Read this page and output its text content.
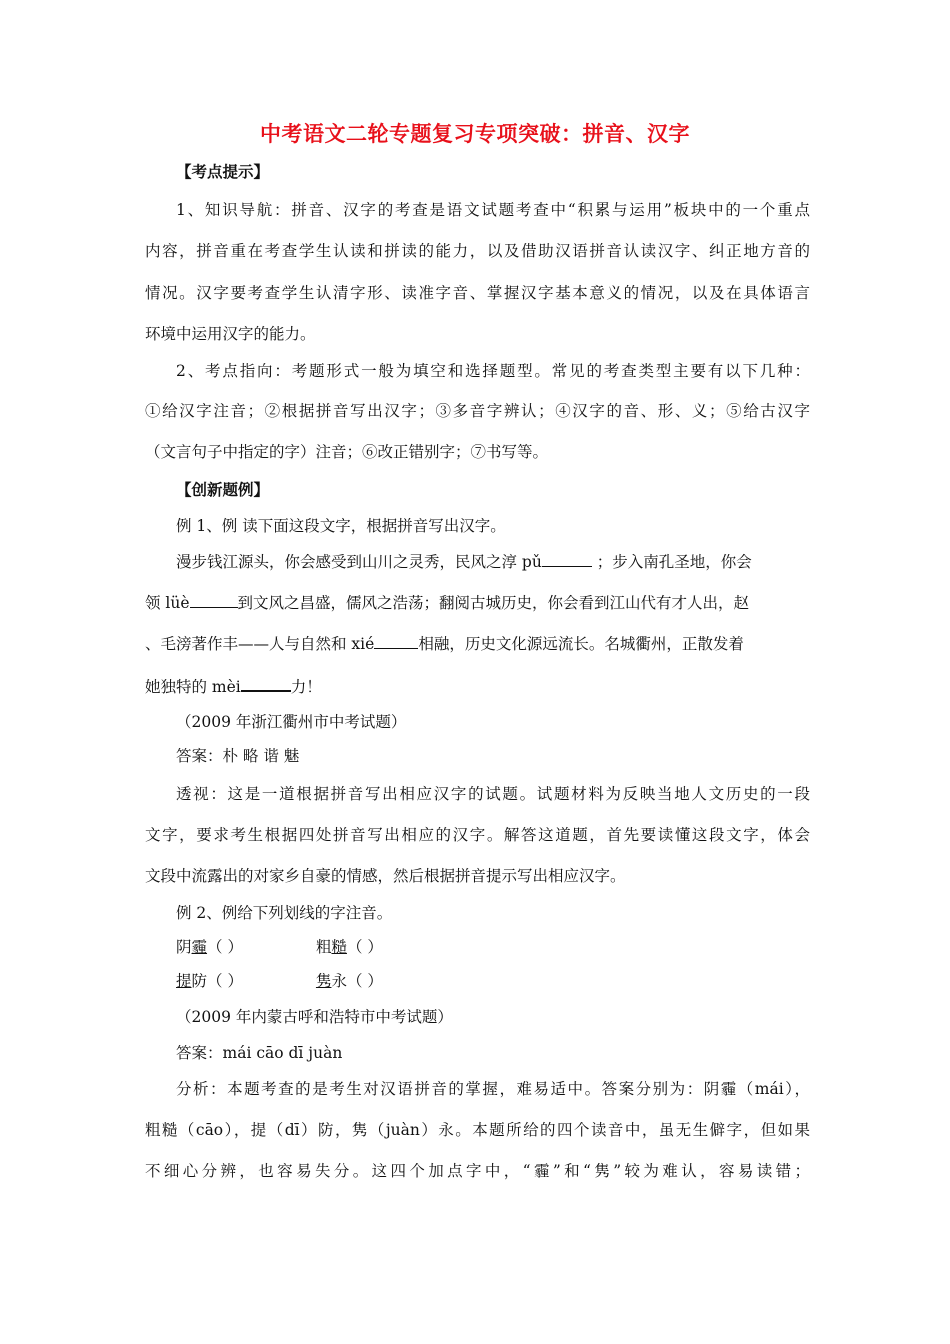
中考语文二轮专题复习专项突破：拼音、汉字
【考点提示】
1、知识导航：拼音、汉字的考查是语文试题考查中“积累与运用”板块中的一个重点
内容，拼音重在考查学生认读和拼读的能力，以及借助汉语拼音认读汉字、纠正地方音的
情况。汉字要考查学生认清字形、读准字音、掌握汉字基本意义的情况，以及在具体语言
环境中运用汉字的能力。
2、考点指向：考题形式一般为填空和选择题型。常见的考查类型主要有以下几种：
①给汉字注音；②根据拼音写出汉字；③多音字辨认；④汉字的音、形、义；⑤给古汉字
（文言句子中指定的字）注音；⑥改正错别字；⑦书写等。
【创新题例】
例 1、例 读下面这段文字，根据拼音写出汉字。
漫步钱江源头，你会感受到山川之灵秀，民风之淳 pǔ	；步入南孔圣地，你会
领 lüè	到文风之昌盛，儒风之浩荡；翻阅古城历史，你会看到江山代有才人出，赵
、毛滂著作丰——人与自然和 xié	相融，历史文化源远流长。名城衢州，正散发着
她独特的 mèi	力！
（2009 年浙江衢州市中考试题）
答案：朴 略 谐 魅
透视：这是一道根据拼音写出相应汉字的试题。试题材料为反映当地人文历史的一段
文字，要求考生根据四处拼音写出相应的汉字。解答这道题，首先要读懂这段文字，体会
文段中流露出的对家乡自豪的情感，然后根据拼音提示写出相应汉字。
例 2、例给下列划线的字注音。
阴霾（ ）	粗糙（ ）
提防（ ）	隽永（ ）
（2009 年内蒙古呼和浩特市中考试题）
答案：mái cāo dī juàn
分析：本题考查的是考生对汉语拼音的掌握，难易适中。答案分别为：阴霾（mái），
粗糙（cāo），提（dī）防，隽（juàn）永。本题所给的四个读音中，虽无生僻字，但如果
不细心分辨，也容易失分。这四个加点字中，“霾”和“隽”较为难认，容易读错；
